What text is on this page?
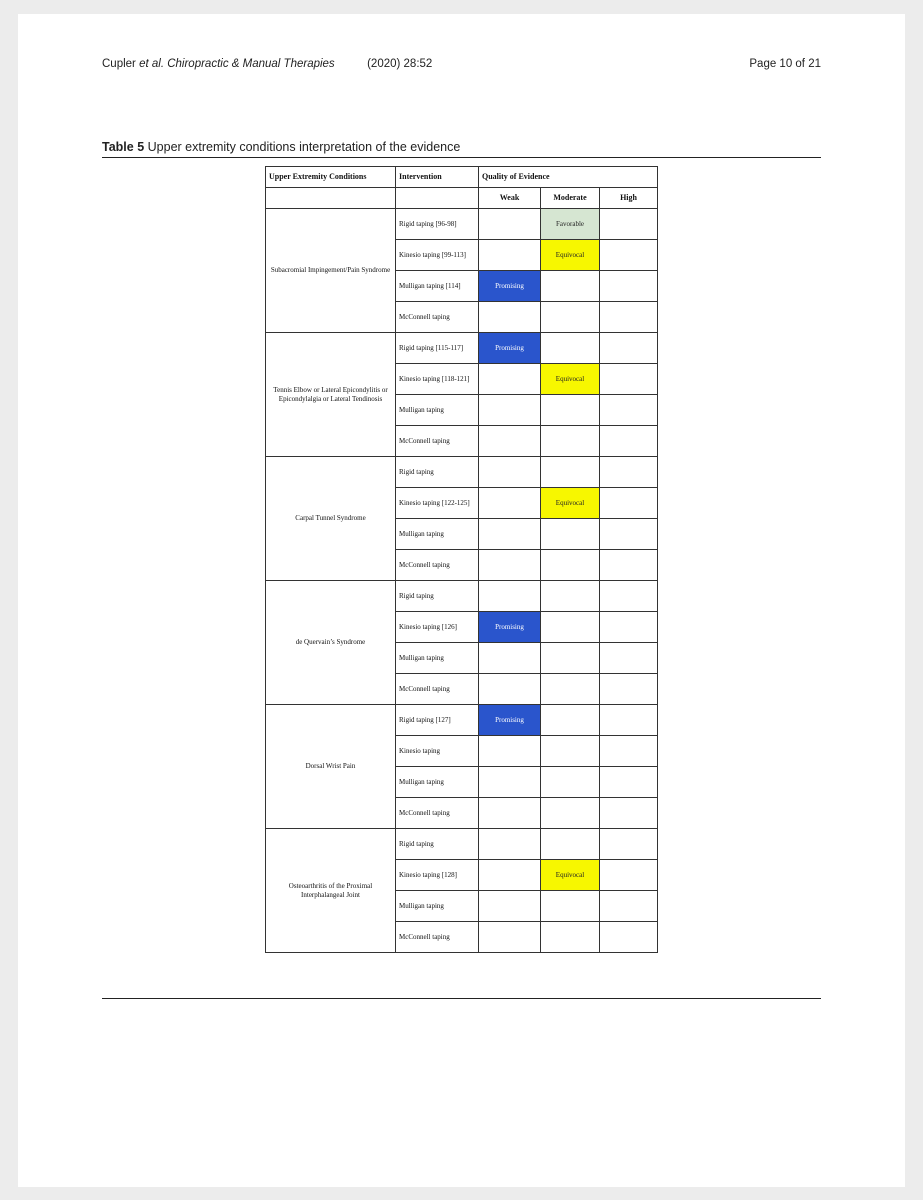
Cupler et al. Chiropractic & Manual Therapies	(2020) 28:52	Page 10 of 21
Table 5 Upper extremity conditions interpretation of the evidence
Upper Extremity Conditions	Intervention	Quality of Evidence		
		Weak	Moderate	High
Subacromial Impingement/Pain Syndrome	Rigid taping [96-98]		Favorable	
	Kinesio taping [99-113]		Equivocal	
	Mulligan taping [114]	Promising		
	McConnell taping			
Tennis Elbow or Lateral Epicondylitis or Epicondylalgia or Lateral Tendinosis	Rigid taping [115-117]	Promising		
	Kinesio taping [118-121]		Equivocal	
	Mulligan taping			
	McConnell taping			
Carpal Tunnel Syndrome	Rigid taping			
	Kinesio taping [122-125]		Equivocal	
	Mulligan taping			
	McConnell taping			
de Quervain’s Syndrome	Rigid taping			
	Kinesio taping [126]	Promising		
	Mulligan taping			
	McConnell taping			
Dorsal Wrist Pain	Rigid taping [127]	Promising		
	Kinesio taping			
	Mulligan taping			
	McConnell taping			
Osteoarthritis of the Proximal Interphalangeal Joint	Rigid taping			
	Kinesio taping [128]		Equivocal	
	Mulligan taping			
	McConnell taping			
